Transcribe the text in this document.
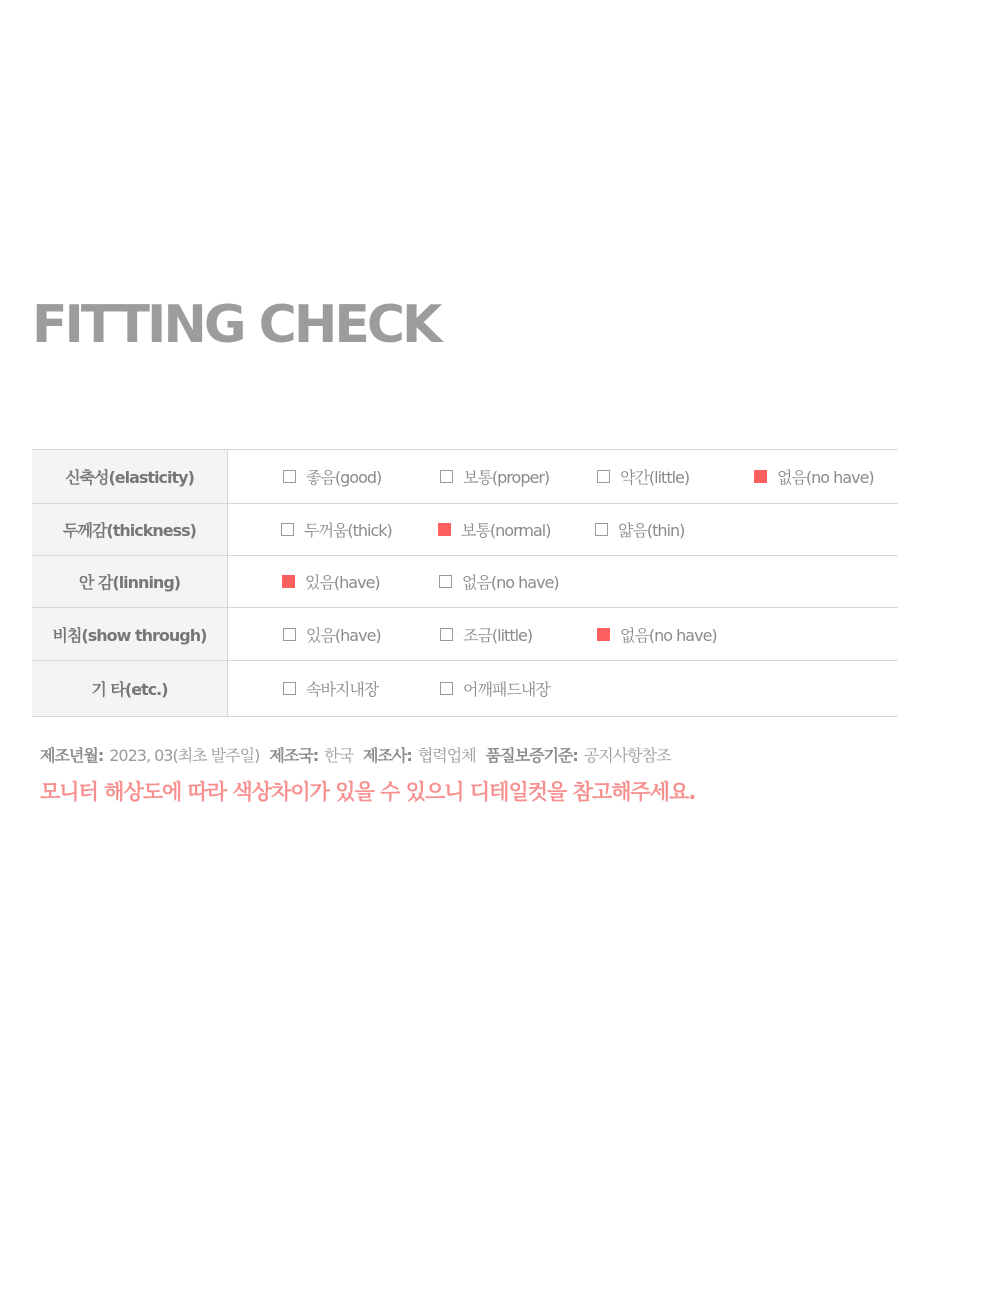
FITTING CHECK
신축성(elasticity)	좋음(good)	보통(proper)	약간(little)	없음(no have)
두께감(thickness)	두꺼움(thick)	보통(normal)	얇음(thin)
안 감(linning)	있음(have)	없음(no have)
비침(show through)	있음(have)	조금(little)	없음(no have)
기 타(etc.)	속바지내장	어깨패드내장

제조년월: 2023, 03(최초 발주일) 제조국: 한국 제조사: 협력업체 품질보증기준: 공지사항참조

모니터 해상도에 따라 색상차이가 있을 수 있으니 디테일컷을 참고해주세요.
